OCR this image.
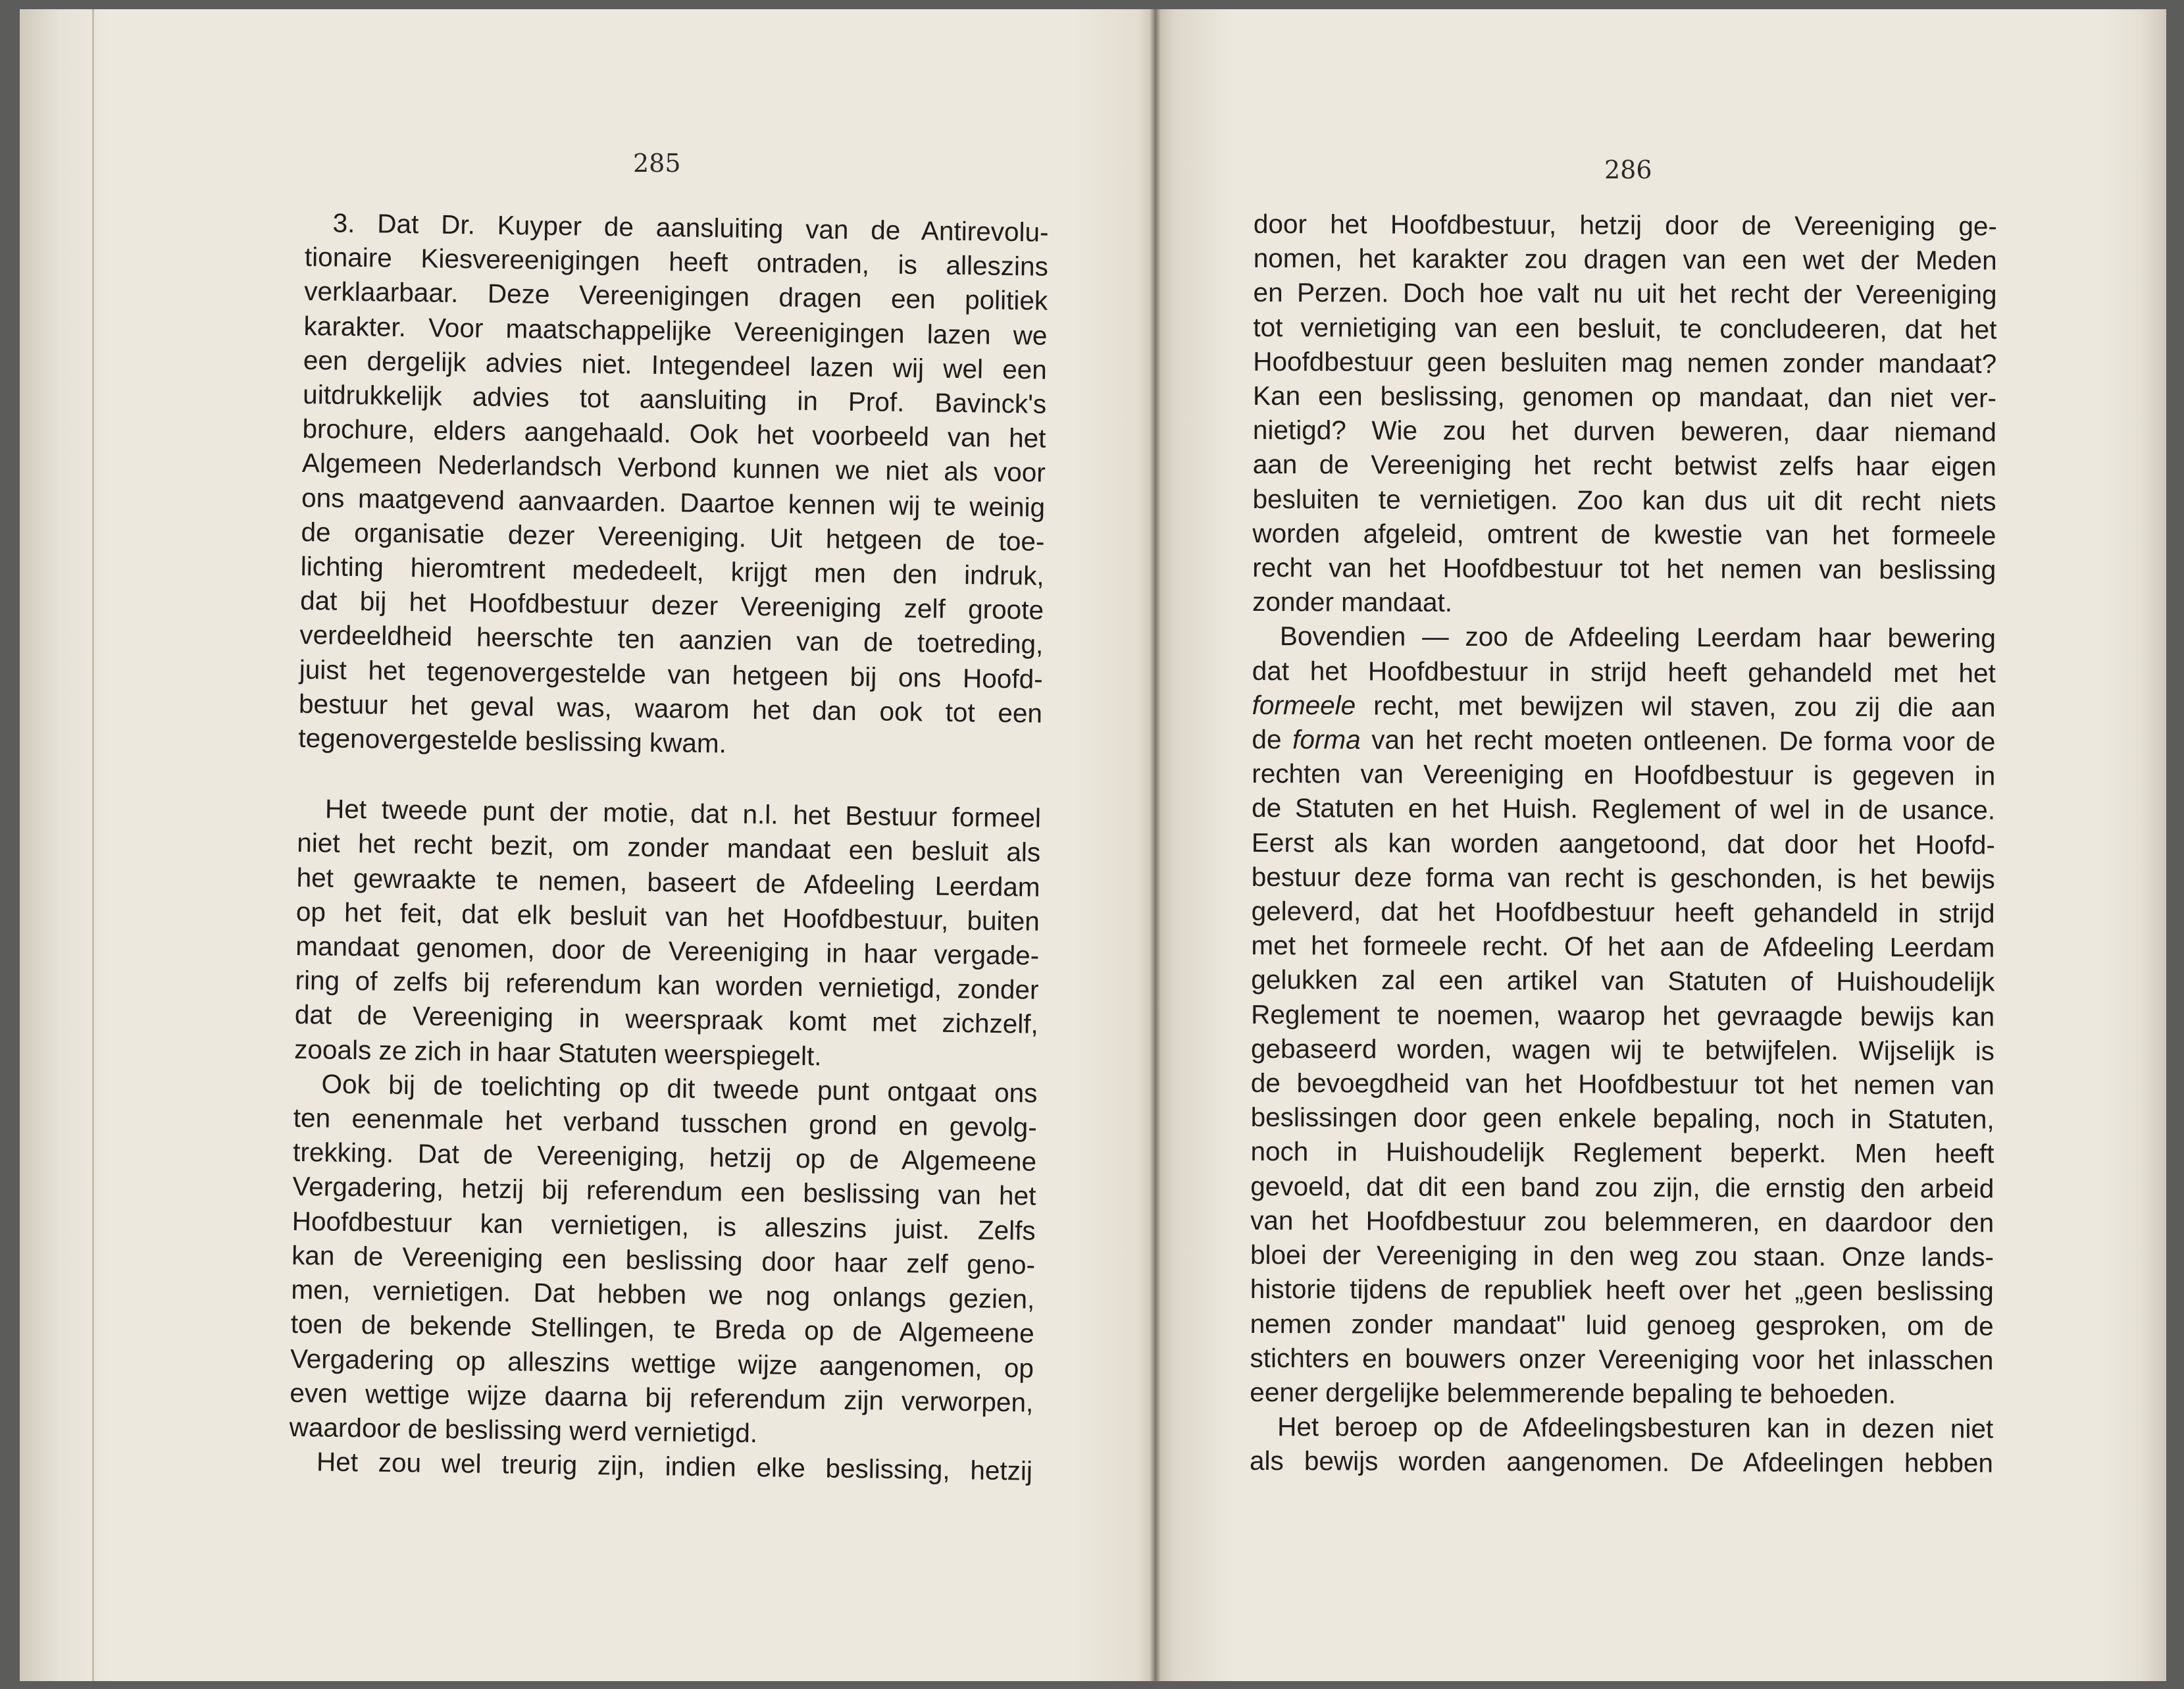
285	286
3. Dat Dr. Kuyper de aansluiting van de Antirevolu-
tionaire Kiesvereenigingen heeft ontraden, is alleszins
verklaarbaar. Deze Vereenigingen dragen een politiek
karakter. Voor maatschappelijke Vereenigingen lazen we
een dergelijk advies niet. Integendeel lazen wij wel een
uitdrukkelijk advies tot aansluiting in Prof. Bavinck's
brochure, elders aangehaald. Ook het voorbeeld van het
Algemeen Nederlandsch Verbond kunnen we niet als voor
ons maatgevend aanvaarden. Daartoe kennen wij te weinig
de organisatie dezer Vereeniging. Uit hetgeen de toe-
lichting hieromtrent mededeelt, krijgt men den indruk,
dat bij het Hoofdbestuur dezer Vereeniging zelf groote
verdeeldheid heerschte ten aanzien van de toetreding,
juist het tegenovergestelde van hetgeen bij ons Hoofd-
bestuur het geval was, waarom het dan ook tot een
tegenovergestelde beslissing kwam.
Het tweede punt der motie, dat n.l. het Bestuur formeel
niet het recht bezit, om zonder mandaat een besluit als
het gewraakte te nemen, baseert de Afdeeling Leerdam
op het feit, dat elk besluit van het Hoofdbestuur, buiten
mandaat genomen, door de Vereeniging in haar vergade-
ring of zelfs bij referendum kan worden vernietigd, zonder
dat de Vereeniging in weerspraak komt met zichzelf,
zooals ze zich in haar Statuten weerspiegelt.
Ook bij de toelichting op dit tweede punt ontgaat ons
ten eenenmale het verband tusschen grond en gevolg-
trekking. Dat de Vereeniging, hetzij op de Algemeene
Vergadering, hetzij bij referendum een beslissing van het
Hoofdbestuur kan vernietigen, is alleszins juist. Zelfs
kan de Vereeniging een beslissing door haar zelf geno-
men, vernietigen. Dat hebben we nog onlangs gezien,
toen de bekende Stellingen, te Breda op de Algemeene
Vergadering op alleszins wettige wijze aangenomen, op
even wettige wijze daarna bij referendum zijn verworpen,
waardoor de beslissing werd vernietigd.
Het zou wel treurig zijn, indien elke beslissing, hetzij
door het Hoofdbestuur, hetzij door de Vereeniging ge-
nomen, het karakter zou dragen van een wet der Meden
en Perzen. Doch hoe valt nu uit het recht der Vereeniging
tot vernietiging van een besluit, te concludeeren, dat het
Hoofdbestuur geen besluiten mag nemen zonder mandaat?
Kan een beslissing, genomen op mandaat, dan niet ver-
nietigd? Wie zou het durven beweren, daar niemand
aan de Vereeniging het recht betwist zelfs haar eigen
besluiten te vernietigen. Zoo kan dus uit dit recht niets
worden afgeleid, omtrent de kwestie van het formeele
recht van het Hoofdbestuur tot het nemen van beslissing
zonder mandaat.
Bovendien — zoo de Afdeeling Leerdam haar bewering
dat het Hoofdbestuur in strijd heeft gehandeld met het
formeele recht, met bewijzen wil staven, zou zij die aan
de forma van het recht moeten ontleenen. De forma voor de
rechten van Vereeniging en Hoofdbestuur is gegeven in
de Statuten en het Huish. Reglement of wel in de usance.
Eerst als kan worden aangetoond, dat door het Hoofd-
bestuur deze forma van recht is geschonden, is het bewijs
geleverd, dat het Hoofdbestuur heeft gehandeld in strijd
met het formeele recht. Of het aan de Afdeeling Leerdam
gelukken zal een artikel van Statuten of Huishoudelijk
Reglement te noemen, waarop het gevraagde bewijs kan
gebaseerd worden, wagen wij te betwijfelen. Wijselijk is
de bevoegdheid van het Hoofdbestuur tot het nemen van
beslissingen door geen enkele bepaling, noch in Statuten,
noch in Huishoudelijk Reglement beperkt. Men heeft
gevoeld, dat dit een band zou zijn, die ernstig den arbeid
van het Hoofdbestuur zou belemmeren, en daardoor den
bloei der Vereeniging in den weg zou staan. Onze lands-
historie tijdens de republiek heeft over het „geen beslissing
nemen zonder mandaat" luid genoeg gesproken, om de
stichters en bouwers onzer Vereeniging voor het inlasschen
eener dergelijke belemmerende bepaling te behoeden.
Het beroep op de Afdeelingsbesturen kan in dezen niet
als bewijs worden aangenomen. De Afdeelingen hebben
